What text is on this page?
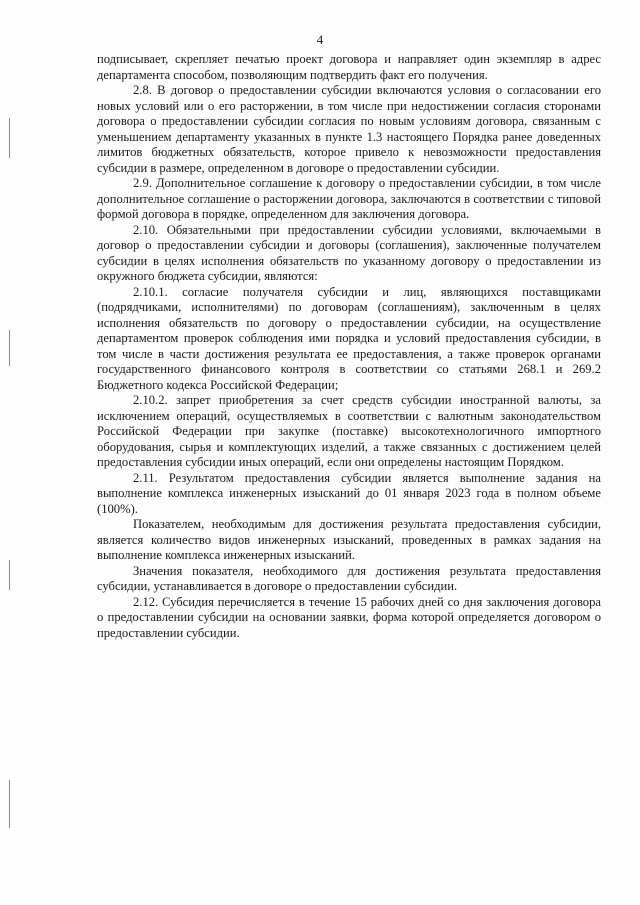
4

подписывает, скрепляет печатью проект договора и направляет один экземпляр в адрес департамента способом, позволяющим подтвердить факт его получения.

2.8. В договор о предоставлении субсидии включаются условия о согласовании его новых условий или о его расторжении, в том числе при недостижении согласия сторонами договора о предоставлении субсидии согласия по новым условиям договора, связанным с уменьшением департаменту указанных в пункте 1.3 настоящего Порядка ранее доведенных лимитов бюджетных обязательств, которое привело к невозможности предоставления субсидии в размере, определенном в договоре о предоставлении субсидии.

2.9. Дополнительное соглашение к договору о предоставлении субсидии, в том числе дополнительное соглашение о расторжении договора, заключаются в соответствии с типовой формой договора в порядке, определенном для заключения договора.

2.10. Обязательными при предоставлении субсидии условиями, включаемыми в договор о предоставлении субсидии и договоры (соглашения), заключенные получателем субсидии в целях исполнения обязательств по указанному договору о предоставлении из окружного бюджета субсидии, являются:

2.10.1. согласие получателя субсидии и лиц, являющихся поставщиками (подрядчиками, исполнителями) по договорам (соглашениям), заключенным в целях исполнения обязательств по договору о предоставлении субсидии, на осуществление департаментом проверок соблюдения ими порядка и условий предоставления субсидии, в том числе в части достижения результата ее предоставления, а также проверок органами государственного финансового контроля в соответствии со статьями 268.1 и 269.2 Бюджетного кодекса Российской Федерации;

2.10.2. запрет приобретения за счет средств субсидии иностранной валюты, за исключением операций, осуществляемых в соответствии с валютным законодательством Российской Федерации при закупке (поставке) высокотехнологичного импортного оборудования, сырья и комплектующих изделий, а также связанных с достижением целей предоставления субсидии иных операций, если они определены настоящим Порядком.

2.11. Результатом предоставления субсидии является выполнение задания на выполнение комплекса инженерных изысканий до 01 января 2023 года в полном объеме (100%).

Показателем, необходимым для достижения результата предоставления субсидии, является количество видов инженерных изысканий, проведенных в рамках задания на выполнение комплекса инженерных изысканий.

Значения показателя, необходимого для достижения результата предоставления субсидии, устанавливается в договоре о предоставлении субсидии.

2.12. Субсидия перечисляется в течение 15 рабочих дней со дня заключения договора о предоставлении субсидии на основании заявки, форма которой определяется договором о предоставлении субсидии.
